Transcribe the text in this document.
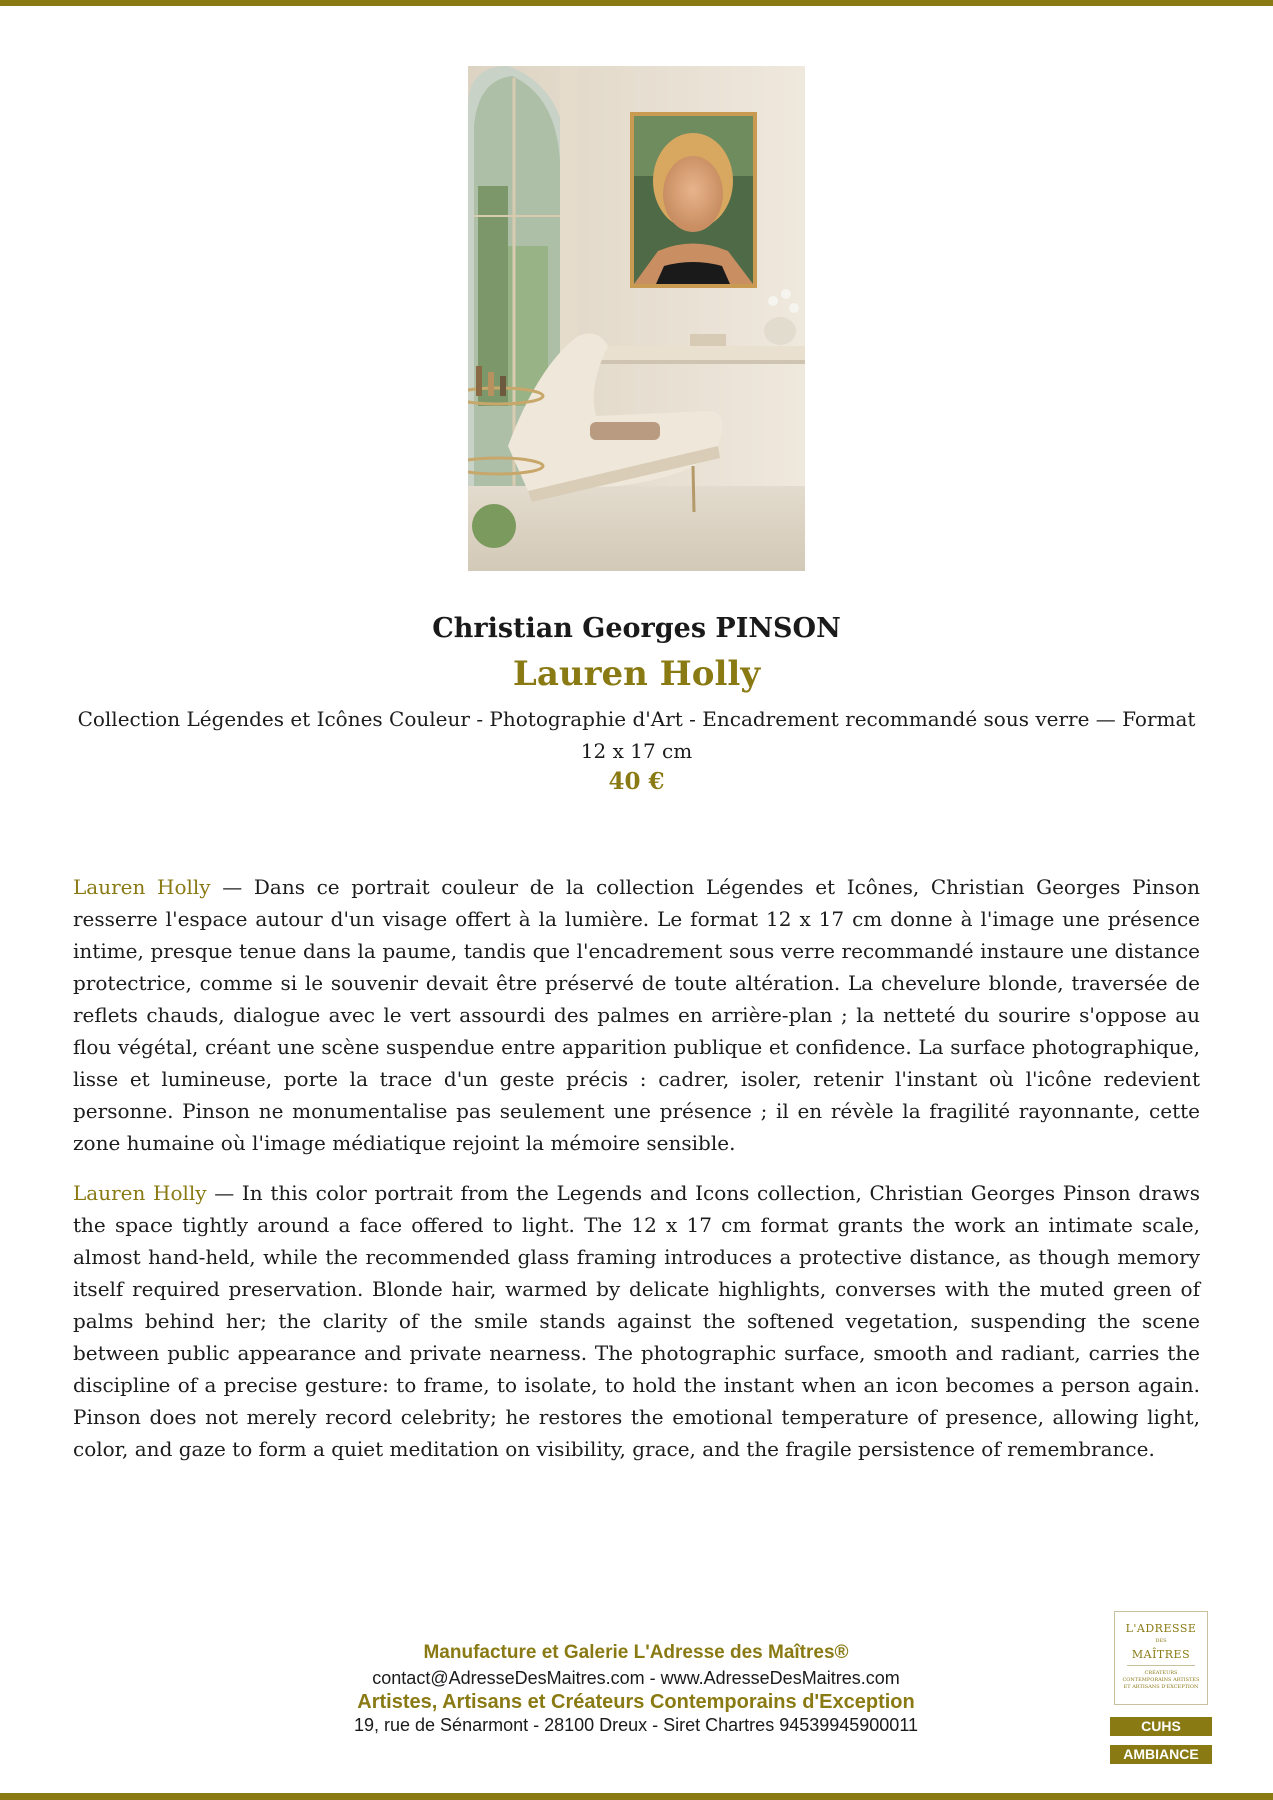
Christian Georges PINSON
Lauren Holly
Collection Légendes et Icônes Couleur - Photographie d'Art - Encadrement recommandé sous verre — Format 12 x 17 cm
40 €
Lauren Holly — Dans ce portrait couleur de la collection Légendes et Icônes, Christian Georges Pinson resserre l'espace autour d'un visage offert à la lumière. Le format 12 x 17 cm donne à l'image une présence intime, presque tenue dans la paume, tandis que l'encadrement sous verre recommandé instaure une distance protectrice, comme si le souvenir devait être préservé de toute altération. La chevelure blonde, traversée de reflets chauds, dialogue avec le vert assourdi des palmes en arrière-plan ; la netteté du sourire s'oppose au flou végétal, créant une scène suspendue entre apparition publique et confidence. La surface photographique, lisse et lumineuse, porte la trace d'un geste précis : cadrer, isoler, retenir l'instant où l'icône redevient personne. Pinson ne monumentalise pas seulement une présence ; il en révèle la fragilité rayonnante, cette zone humaine où l'image médiatique rejoint la mémoire sensible.
Lauren Holly — In this color portrait from the Legends and Icons collection, Christian Georges Pinson draws the space tightly around a face offered to light. The 12 x 17 cm format grants the work an intimate scale, almost hand-held, while the recommended glass framing introduces a protective distance, as though memory itself required preservation. Blonde hair, warmed by delicate highlights, converses with the muted green of palms behind her; the clarity of the smile stands against the softened vegetation, suspending the scene between public appearance and private nearness. The photographic surface, smooth and radiant, carries the discipline of a precise gesture: to frame, to isolate, to hold the instant when an icon becomes a person again. Pinson does not merely record celebrity; he restores the emotional temperature of presence, allowing light, color, and gaze to form a quiet meditation on visibility, grace, and the fragile persistence of remembrance.
Manufacture et Galerie L'Adresse des Maîtres®
contact@AdresseDesMaitres.com - www.AdresseDesMaitres.com
Artistes, Artisans et Créateurs Contemporains d'Exception
19, rue de Sénarmont - 28100 Dreux - Siret Chartres 94539945900011
L'ADRESSE
DES
MAÎTRES
CRÉATEURS CONTEMPORAINS ARTISTES ET ARTISANS D'EXCEPTION
CUHS
AMBIANCE
